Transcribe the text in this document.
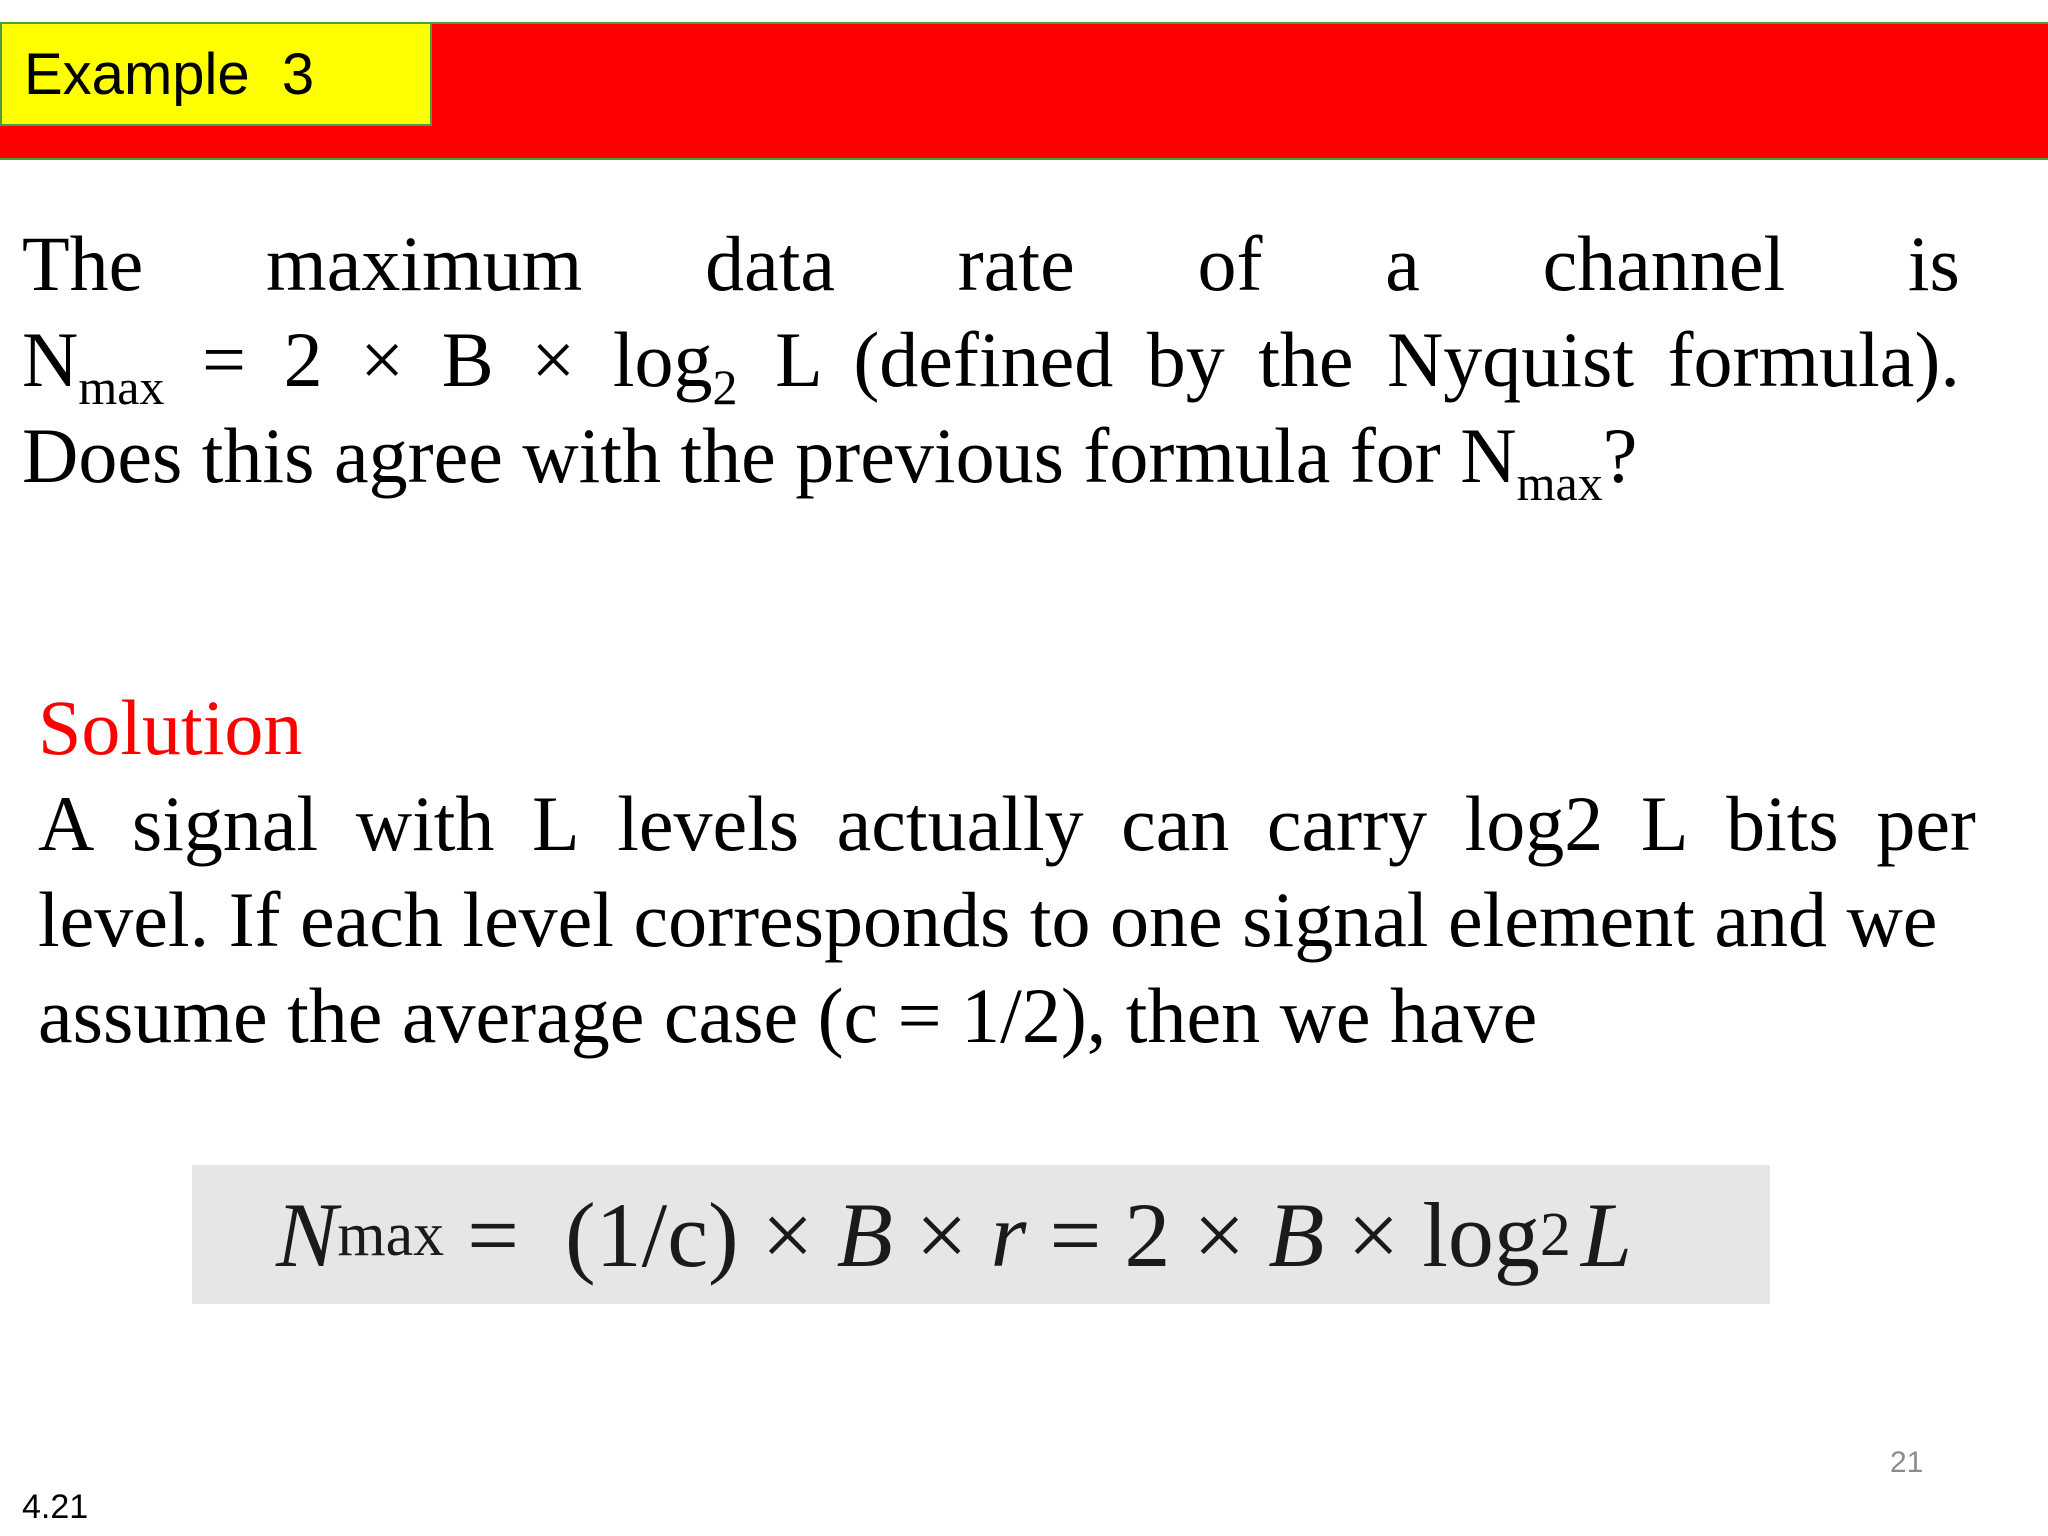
Example  3
The maximum data rate of a channel is
$N_{max} = 2 \times B \times \log_2 L$ (defined by the Nyquist formula).
Does this agree with the previous formula for $N_{max}$?
Solution
A signal with L levels actually can carry log2 L bits per
level. If each level corresponds to one signal element and we
assume the average case (c = 1/2), then we have
N max =  (1/c) × B × r = 2 × B × log 2 L
21
4.21
